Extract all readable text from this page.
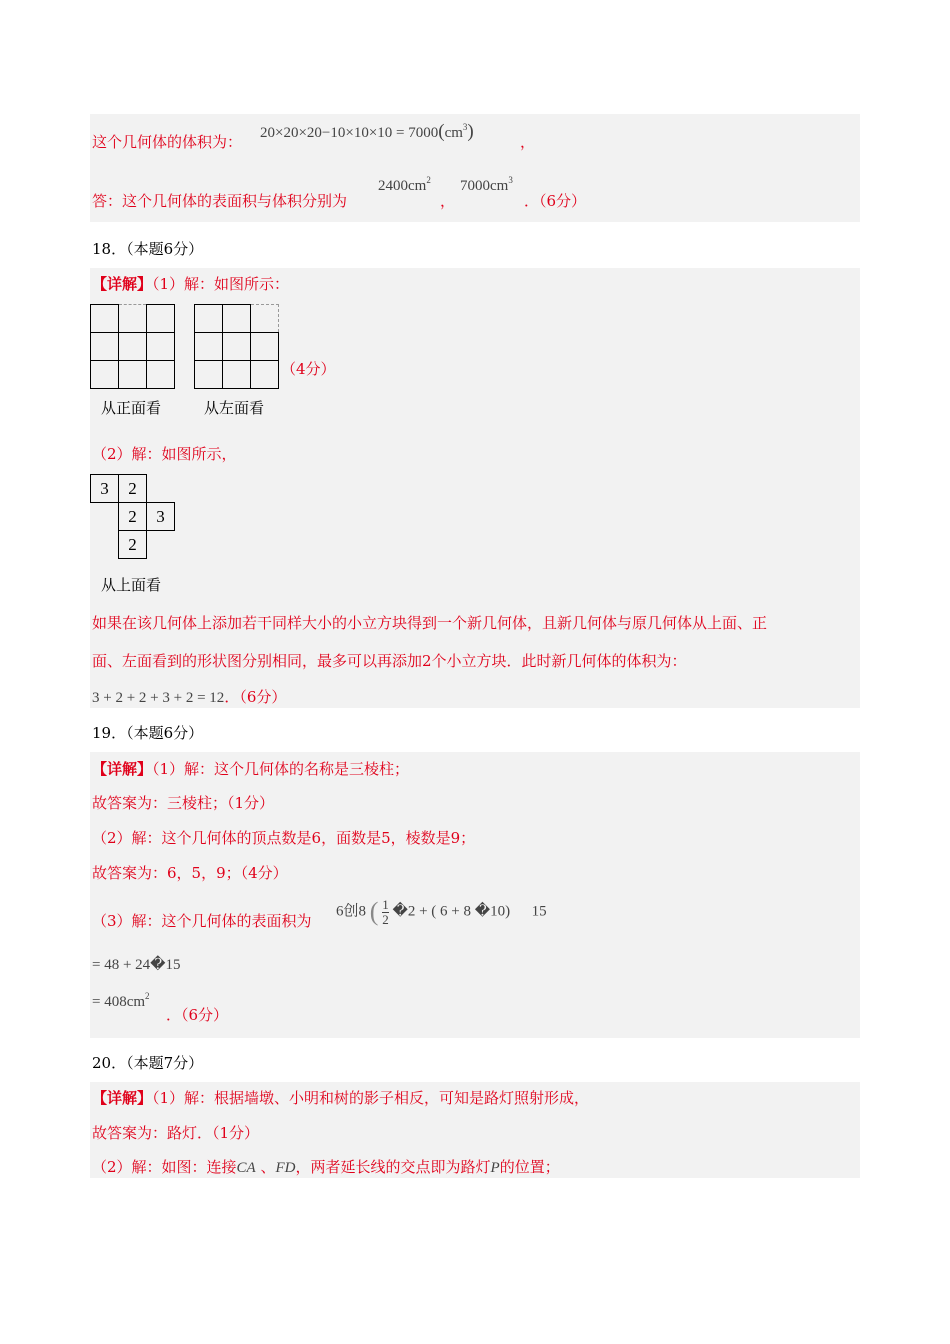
这个几何体的体积为： $20\times 20\times 20-10\times 10\times 10 = 7000(cm^3)$	，
答：这个几何体的表面积与体积分别为
$2400cm^2$
，
$7000cm^3$
．（6分）
18．（本题6分）
【详解】（1）解：如图所示：

从正面看	从左面看
（4分）
（2）解：如图所示，
3	2	
	2	3
	2	
从上面看
如果在该几何体上添加若干同样大小的小立方块得到一个新几何体，且新几何体与原几何体从上面、正
面、左面看到的形状图分别相同，最多可以再添加2个小立方块．此时新几何体的体积为：
3 + 2 + 2 + 3 + 2 = 12．（6分）
19．（本题6分）
【详解】（1）解：这个几何体的名称是三棱柱；
故答案为：三棱柱；（1分）
（2）解：这个几何体的顶点数是6，面数是5，棱数是9；
故答案为：6，5，9；（4分）
（3）解：这个几何体的表面积为
6创8 ( $\frac{1}{2}$ �2 + ( 6 + 8 �10) 15
= 48 + 24�15
= $408cm^2$
．（6分）
20．（本题7分）
【详解】（1）解：根据墙墩、小明和树的影子相反，可知是路灯照射形成，
故答案为：路灯．（1分）
（2）解：如图：连接CA 、FD，两者延长线的交点即为路灯P的位置；
